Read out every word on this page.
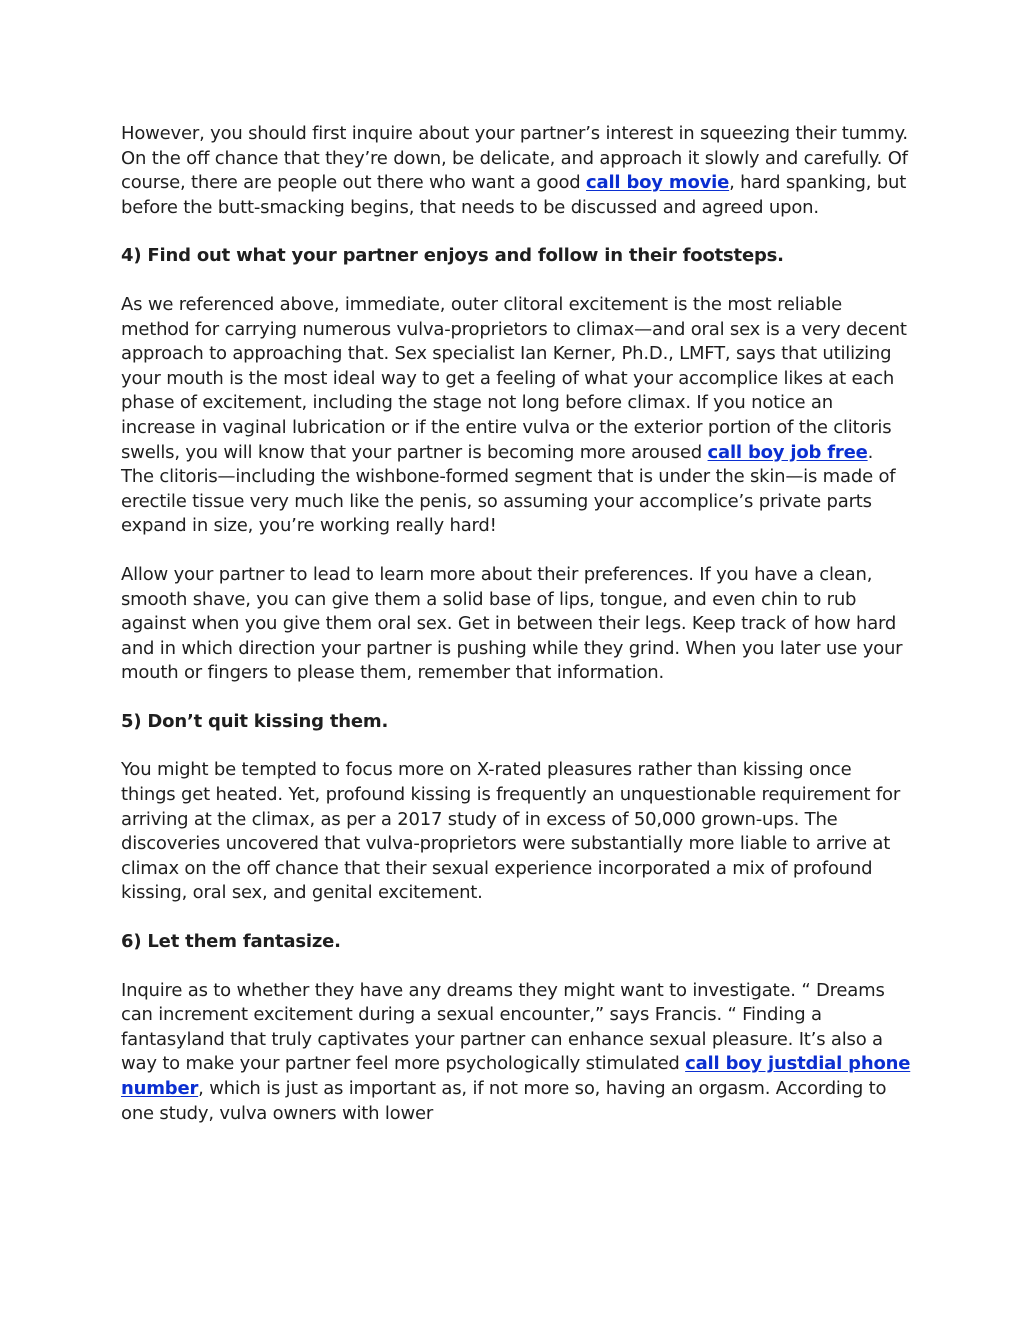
However, you should first inquire about your partner’s interest in squeezing their tummy. On the off chance that they’re down, be delicate, and approach it slowly and carefully. Of course, there are people out there who want a good call boy movie, hard spanking, but before the butt-smacking begins, that needs to be discussed and agreed upon.

4) Find out what your partner enjoys and follow in their footsteps.

As we referenced above, immediate, outer clitoral excitement is the most reliable method for carrying numerous vulva-proprietors to climax—and oral sex is a very decent approach to approaching that. Sex specialist Ian Kerner, Ph.D., LMFT, says that utilizing your mouth is the most ideal way to get a feeling of what your accomplice likes at each phase of excitement, including the stage not long before climax. If you notice an increase in vaginal lubrication or if the entire vulva or the exterior portion of the clitoris swells, you will know that your partner is becoming more aroused call boy job free. The clitoris—including the wishbone-formed segment that is under the skin—is made of erectile tissue very much like the penis, so assuming your accomplice’s private parts expand in size, you’re working really hard!

Allow your partner to lead to learn more about their preferences. If you have a clean, smooth shave, you can give them a solid base of lips, tongue, and even chin to rub against when you give them oral sex. Get in between their legs. Keep track of how hard and in which direction your partner is pushing while they grind. When you later use your mouth or fingers to please them, remember that information.

5) Don’t quit kissing them.

You might be tempted to focus more on X-rated pleasures rather than kissing once things get heated. Yet, profound kissing is frequently an unquestionable requirement for arriving at the climax, as per a 2017 study of in excess of 50,000 grown-ups. The discoveries uncovered that vulva-proprietors were substantially more liable to arrive at climax on the off chance that their sexual experience incorporated a mix of profound kissing, oral sex, and genital excitement.

6) Let them fantasize.

Inquire as to whether they have any dreams they might want to investigate. “ Dreams can increment excitement during a sexual encounter,” says Francis. “ Finding a fantasyland that truly captivates your partner can enhance sexual pleasure. It’s also a way to make your partner feel more psychologically stimulated call boy justdial phone number, which is just as important as, if not more so, having an orgasm. According to one study, vulva owners with lower
